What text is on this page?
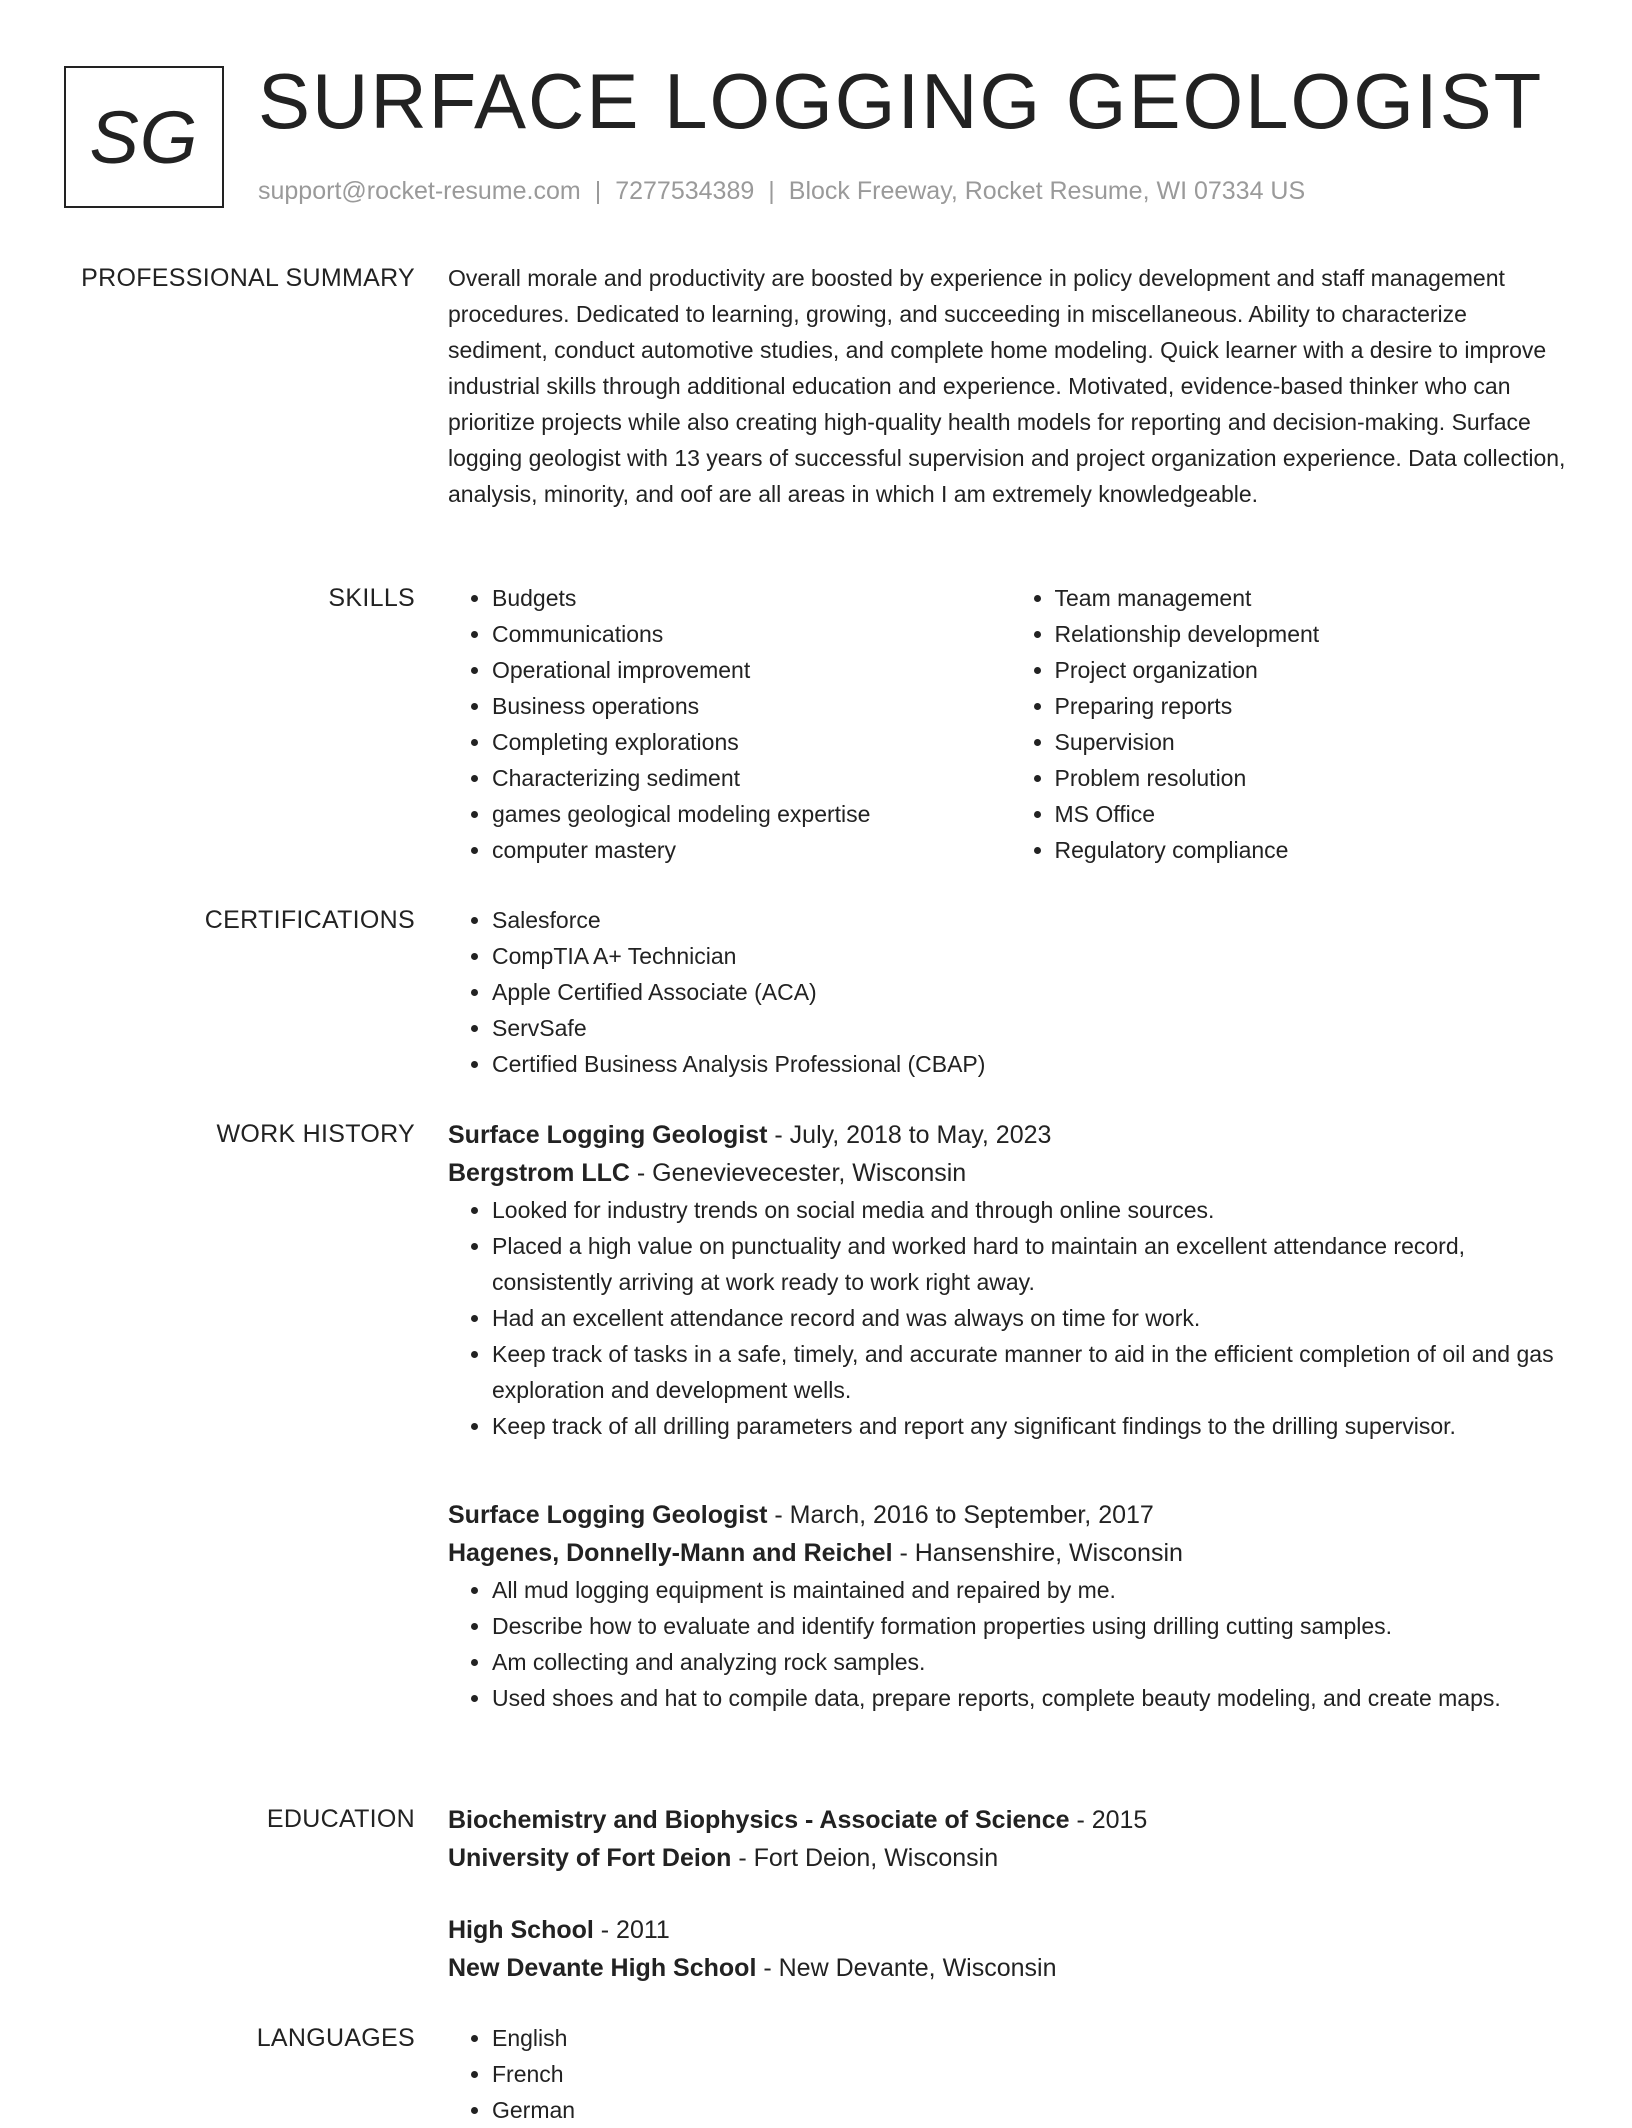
SG SURFACE LOGGING GEOLOGIST
support@rocket-resume.com | 7277534389 | Block Freeway, Rocket Resume, WI 07334 US
PROFESSIONAL SUMMARY Overall morale and productivity are boosted by experience in policy development and staff management procedures. Dedicated to learning, growing, and succeeding in miscellaneous. Ability to characterize sediment, conduct automotive studies, and complete home modeling. Quick learner with a desire to improve industrial skills through additional education and experience. Motivated, evidence-based thinker who can prioritize projects while also creating high-quality health models for reporting and decision-making. Surface logging geologist with 13 years of successful supervision and project organization experience. Data collection, analysis, minority, and oof are all areas in which I am extremely knowledgeable.

SKILLS	• Budgets
• Communications
• Operational improvement
• Business operations
• Completing explorations
• Characterizing sediment
• games geological modeling expertise
• computer mastery
• Team management
• Relationship development
• Project organization
• Preparing reports
• Supervision
• Problem resolution
• MS Office
• Regulatory compliance
CERTIFICATIONS	• Salesforce
• CompTIA A+ Technician
• Apple Certified Associate (ACA)
• ServSafe
• Certified Business Analysis Professional (CBAP)
WORK HISTORY Surface Logging Geologist - July, 2018 to May, 2023
Bergstrom LLC - Genevievecester, Wisconsin
• Looked for industry trends on social media and through online sources.
• Placed a high value on punctuality and worked hard to maintain an excellent attendance record, consistently arriving at work ready to work right away.
• Had an excellent attendance record and was always on time for work.
• Keep track of tasks in a safe, timely, and accurate manner to aid in the efficient completion of oil and gas exploration and development wells.
• Keep track of all drilling parameters and report any significant findings to the drilling supervisor.
Surface Logging Geologist - March, 2016 to September, 2017
Hagenes, Donnelly-Mann and Reichel - Hansenshire, Wisconsin
• All mud logging equipment is maintained and repaired by me.
• Describe how to evaluate and identify formation properties using drilling cutting samples.
• Am collecting and analyzing rock samples.
• Used shoes and hat to compile data, prepare reports, complete beauty modeling, and create maps.
EDUCATION Biochemistry and Biophysics - Associate of Science - 2015
University of Fort Deion - Fort Deion, Wisconsin
High School - 2011
New Devante High School - New Devante, Wisconsin
LANGUAGES	• English
• French
• German
